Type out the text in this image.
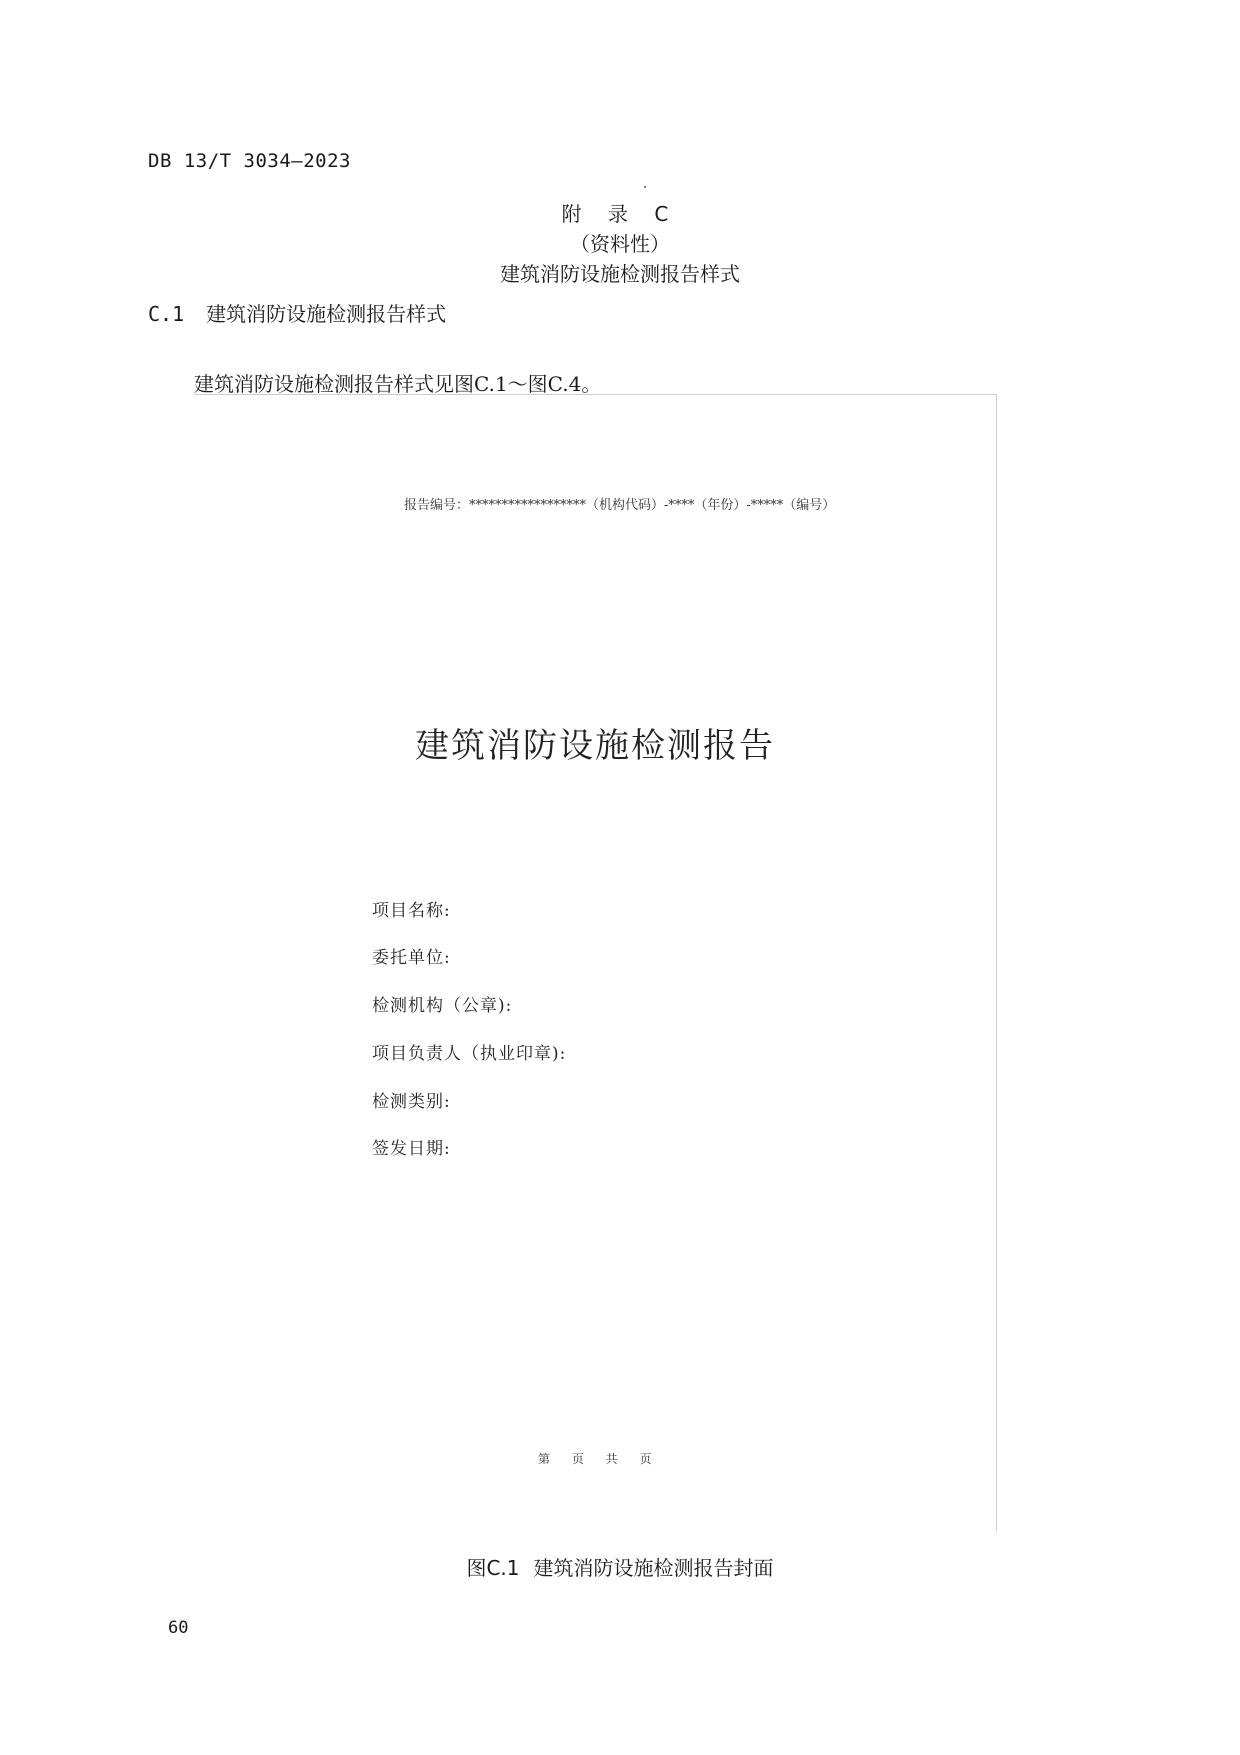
DB 13/T 3034—2023
附 录 C
（资料性）
建筑消防设施检测报告样式
C.1 建筑消防设施检测报告样式
建筑消防设施检测报告样式见图C.1～图C.4。
报告编号：******************（机构代码）-****（年份）-*****（编号）
建筑消防设施检测报告
项目名称:
委托单位:
检测机构（公章):
项目负责人（执业印章):
检测类别:
签发日期:
第 页 共 页
图C.1 建筑消防设施检测报告封面
60
